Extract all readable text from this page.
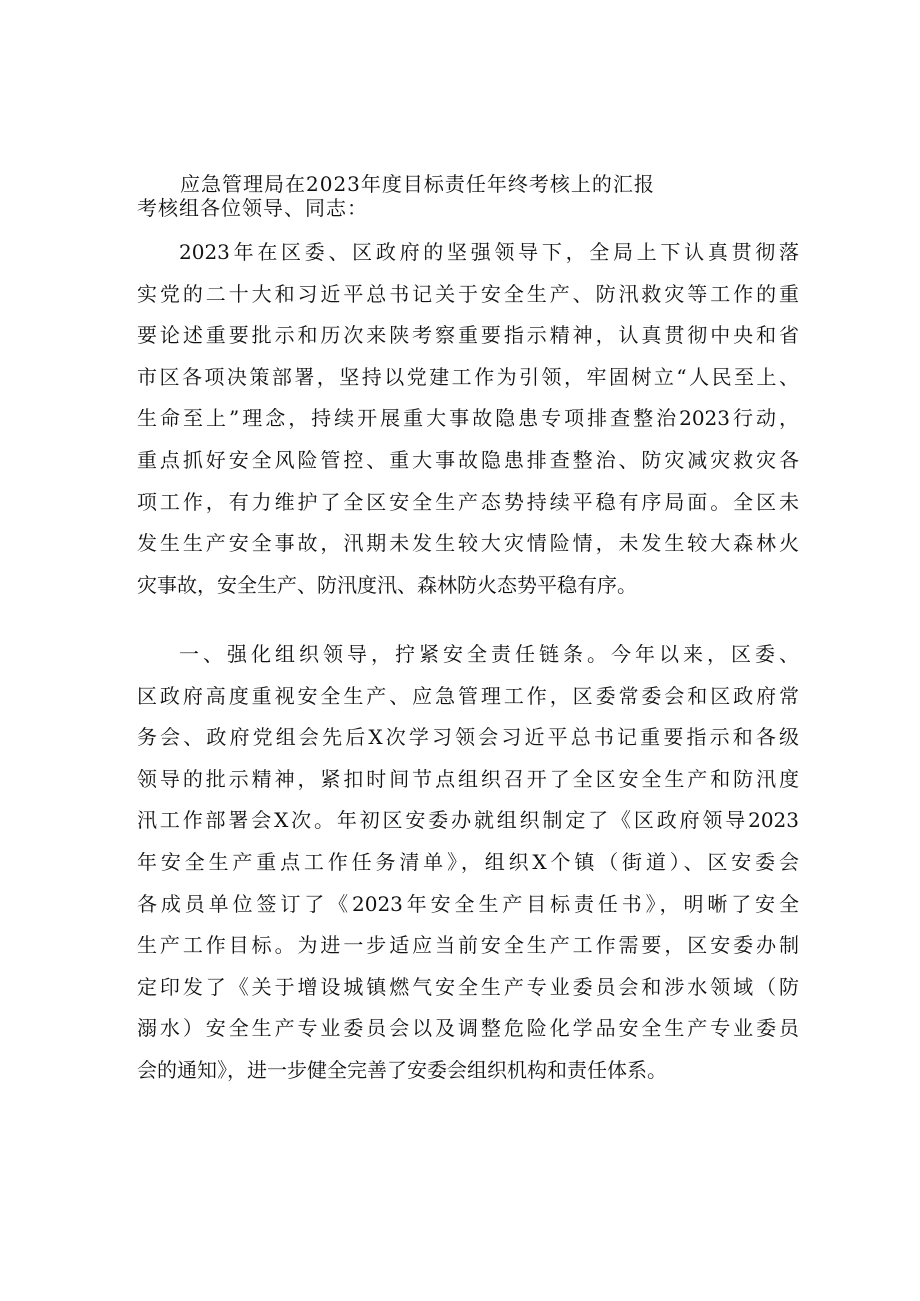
应急管理局在2023年度目标责任年终考核上的汇报
考核组各位领导、同志：
2023年在区委、区政府的坚强领导下，全局上下认真贯彻落
实党的二十大和习近平总书记关于安全生产、防汛救灾等工作的重
要论述重要批示和历次来陕考察重要指示精神，认真贯彻中央和省
市区各项决策部署，坚持以党建工作为引领，牢固树立“人民至上、
生命至上”理念，持续开展重大事故隐患专项排查整治2023行动，
重点抓好安全风险管控、重大事故隐患排查整治、防灾减灾救灾各
项工作，有力维护了全区安全生产态势持续平稳有序局面。全区未
发生生产安全事故，汛期未发生较大灾情险情，未发生较大森林火
灾事故，安全生产、防汛度汛、森林防火态势平稳有序。
一、强化组织领导，拧紧安全责任链条。今年以来，区委、
区政府高度重视安全生产、应急管理工作，区委常委会和区政府常
务会、政府党组会先后X次学习领会习近平总书记重要指示和各级
领导的批示精神，紧扣时间节点组织召开了全区安全生产和防汛度
汛工作部署会X次。年初区安委办就组织制定了《区政府领导2023
年安全生产重点工作任务清单》，组织X个镇（街道）、区安委会
各成员单位签订了《2023年安全生产目标责任书》，明晰了安全
生产工作目标。为进一步适应当前安全生产工作需要，区安委办制
定印发了《关于增设城镇燃气安全生产专业委员会和涉水领域（防
溺水）安全生产专业委员会以及调整危险化学品安全生产专业委员
会的通知》，进一步健全完善了安委会组织机构和责任体系。
